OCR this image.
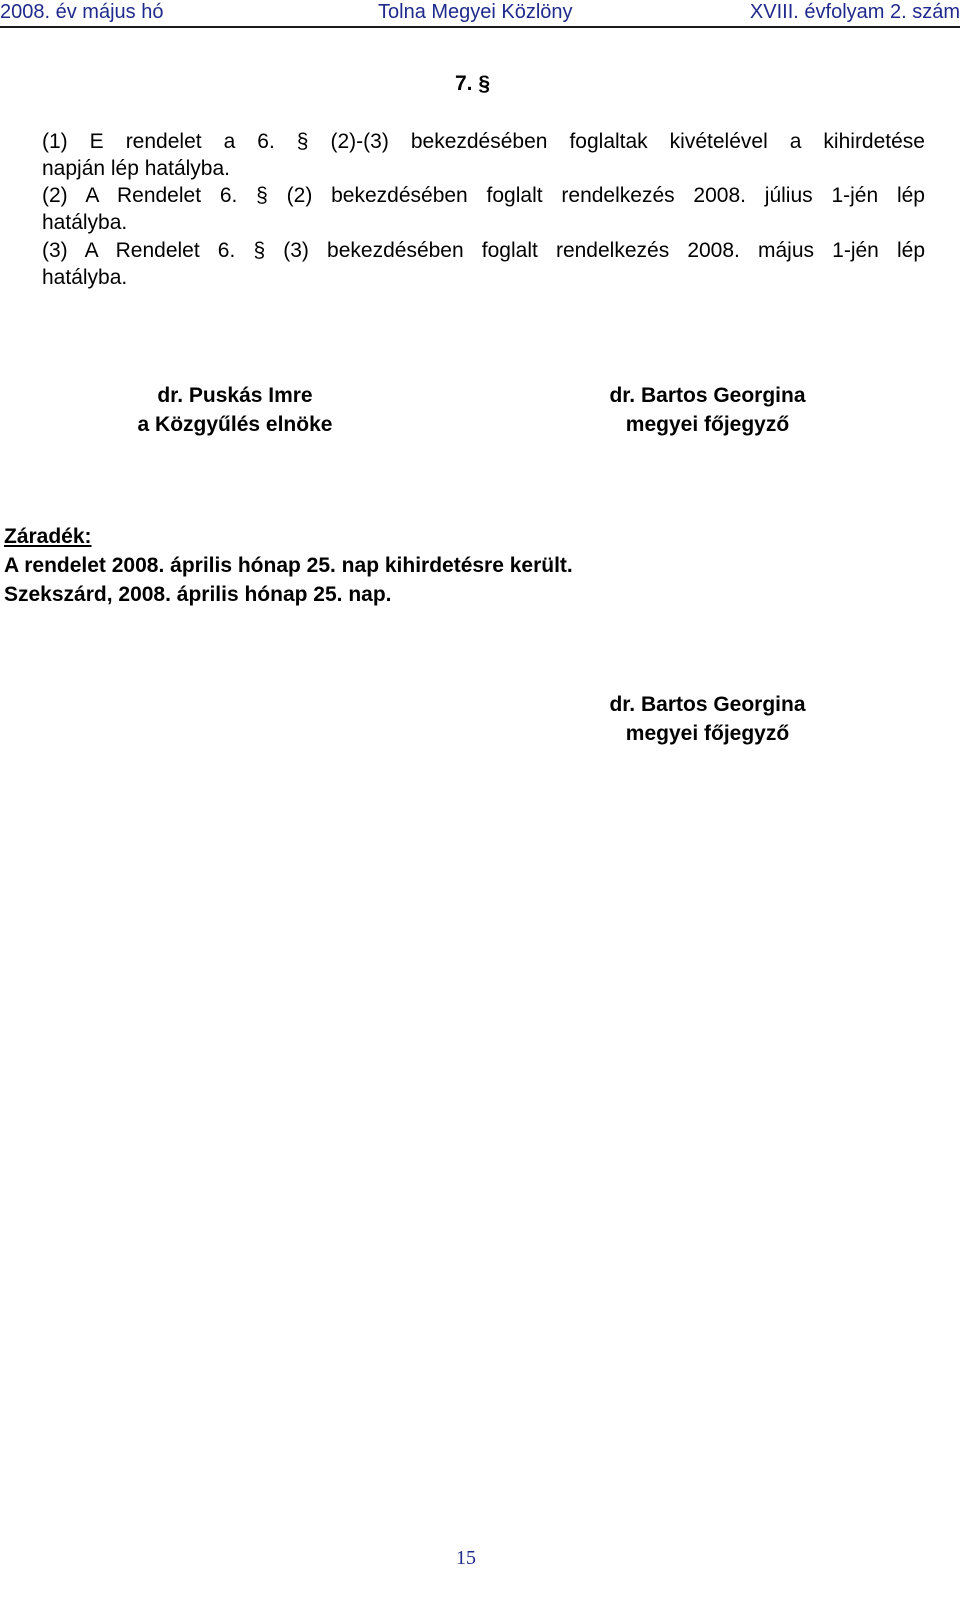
2008. év május hó	Tolna Megyei Közlöny	XVIII. évfolyam 2. szám
7. §
(1) E rendelet a 6. § (2)-(3) bekezdésében foglaltak kivételével a kihirdetése
napján lép hatályba.
(2) A Rendelet 6. § (2) bekezdésében foglalt rendelkezés 2008. július 1-jén lép
hatályba.
(3) A Rendelet 6. § (3) bekezdésében foglalt rendelkezés 2008. május 1-jén lép
hatályba.
dr. Puskás Imre
a Közgyűlés elnöke
dr. Bartos Georgina
megyei főjegyző
Záradék:
A rendelet 2008. április hónap 25. nap kihirdetésre került.
Szekszárd, 2008. április hónap 25. nap.
dr. Bartos Georgina
megyei főjegyző
15
